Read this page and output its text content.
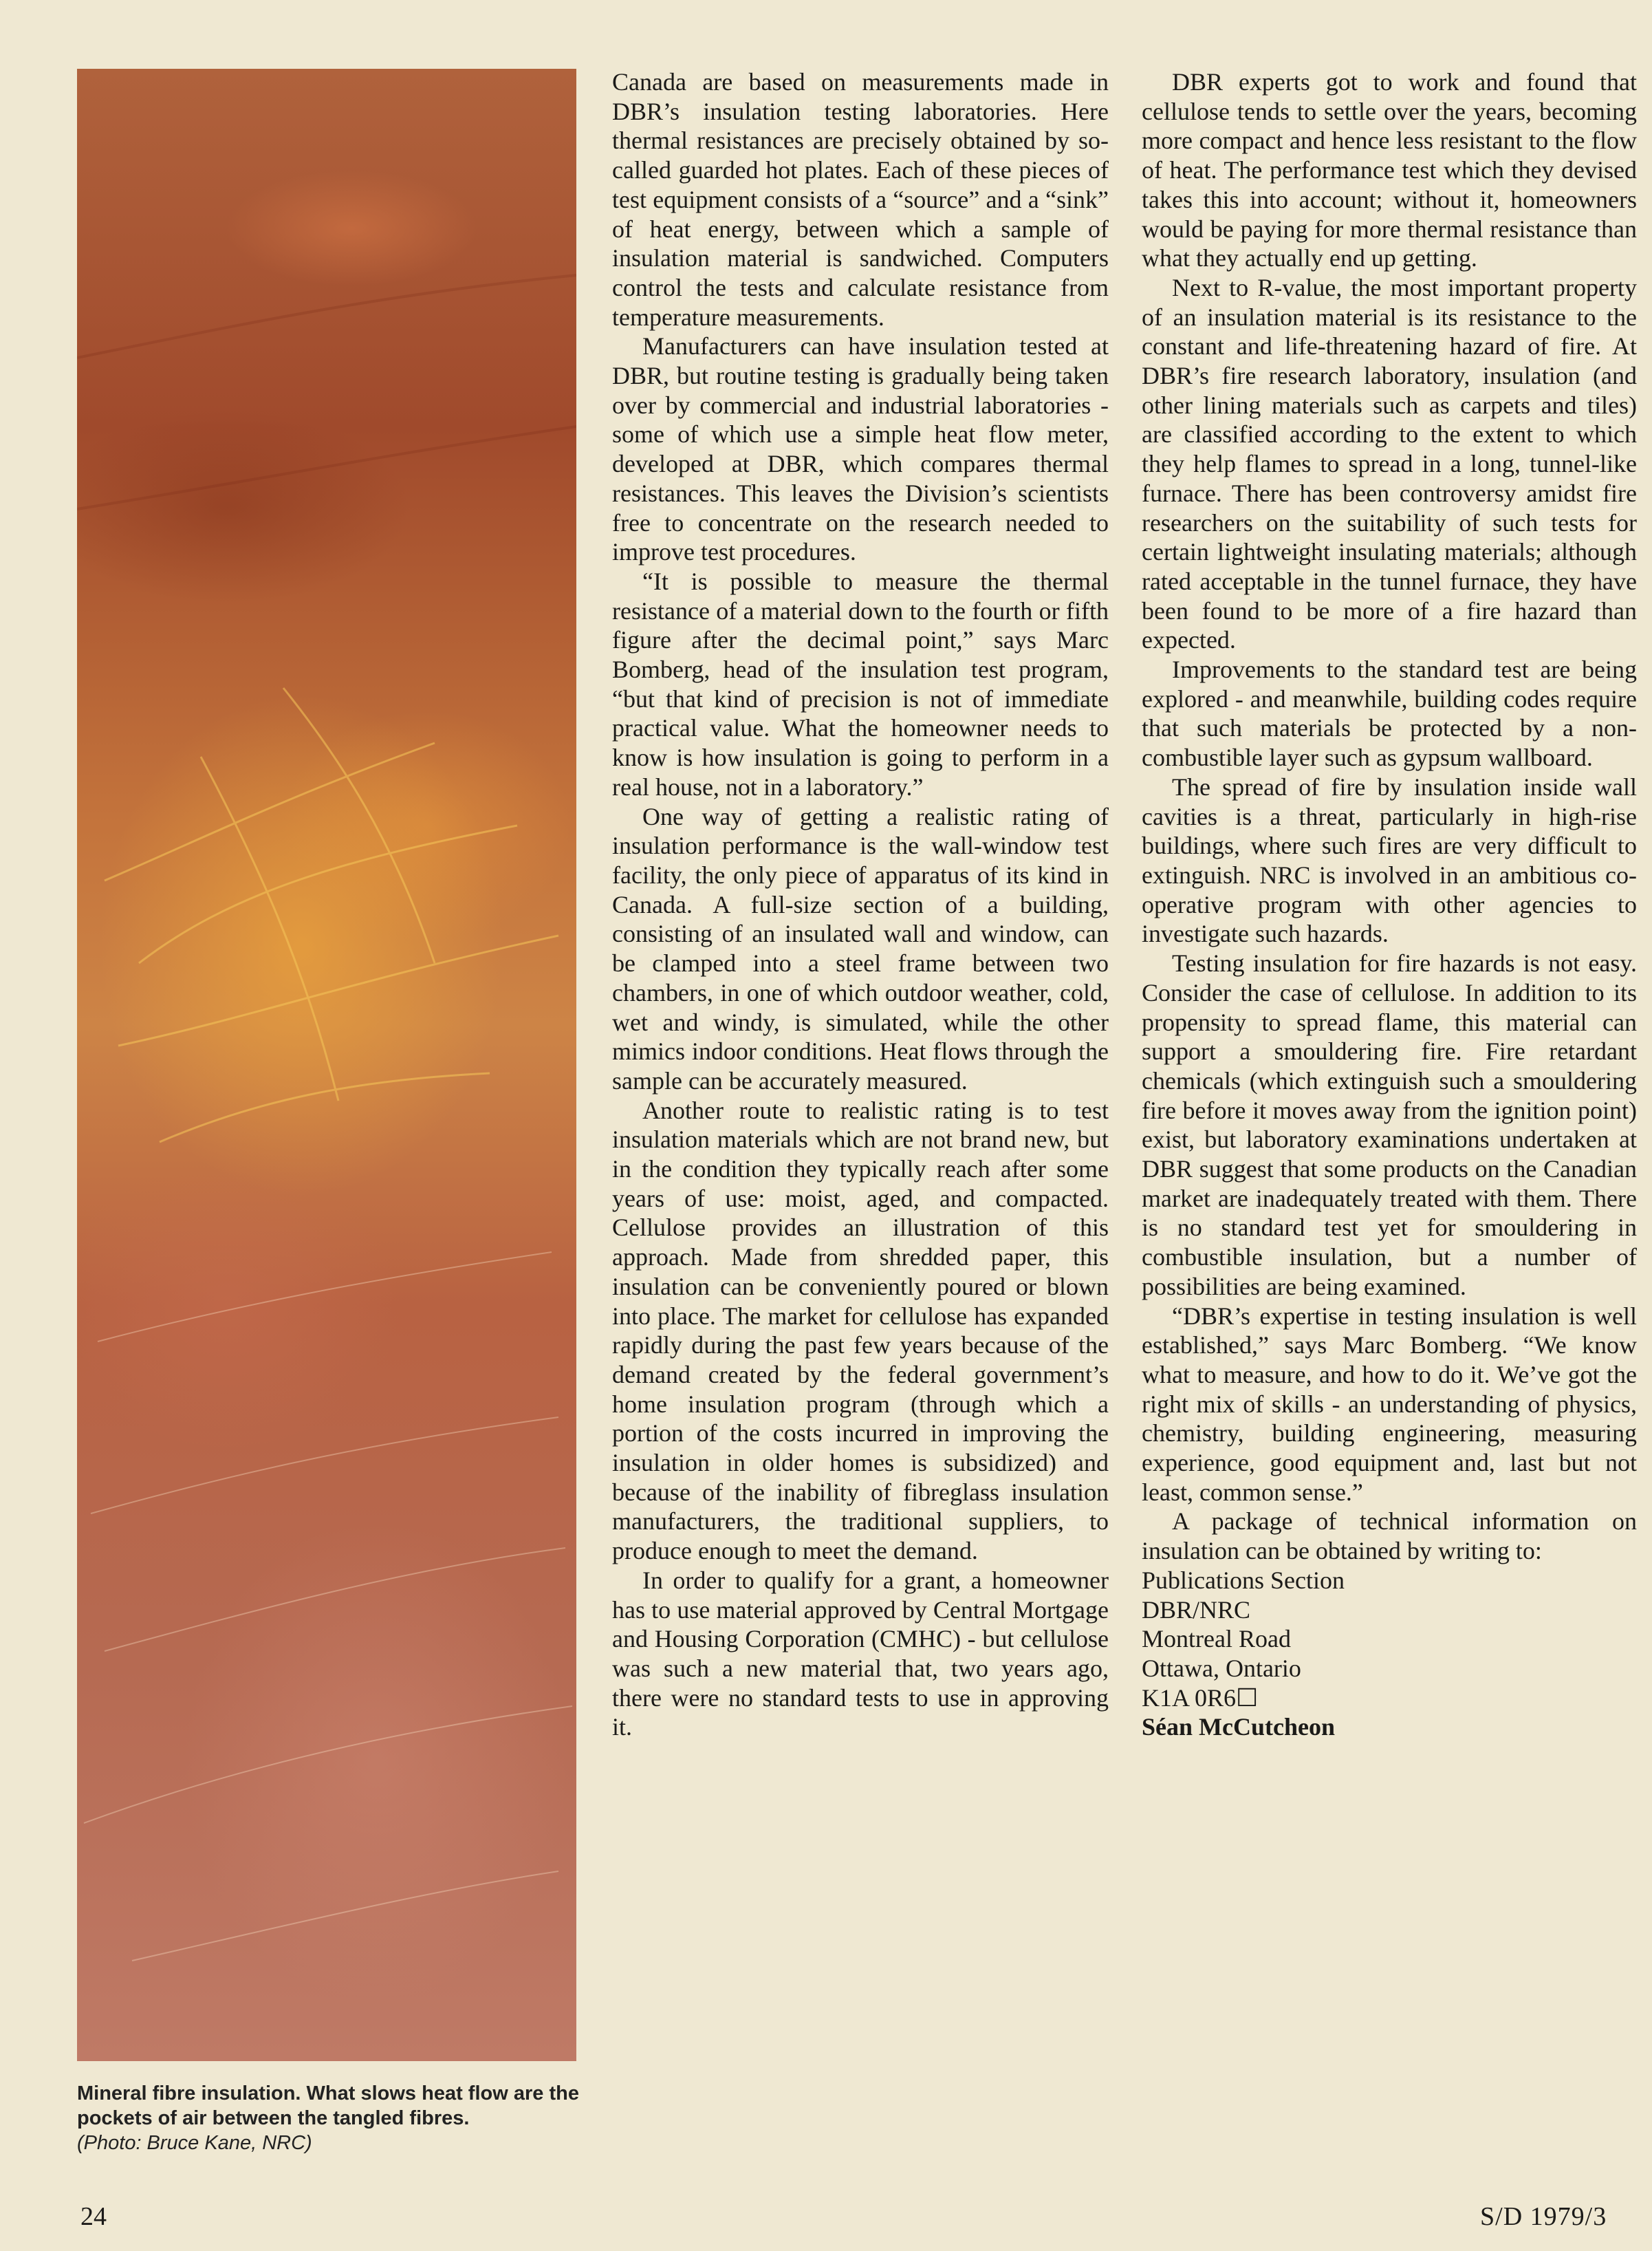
Mineral fibre insulation. What slows heat flow are the pockets of air between the tangled fibres.
(Photo: Bruce Kane, NRC)

Canada are based on measurements made in DBR’s insulation testing laboratories. Here thermal resistances are precisely obtained by so-called guarded hot plates. Each of these pieces of test equipment consists of a “source” and a “sink” of heat energy, between which a sample of insulation material is sandwiched. Computers control the tests and calculate resistance from temperature measurements.

Manufacturers can have insulation tested at DBR, but routine testing is gradually being taken over by commercial and industrial laboratories - some of which use a simple heat flow meter, developed at DBR, which compares thermal resistances. This leaves the Division’s scientists free to concentrate on the research needed to improve test procedures.

“It is possible to measure the thermal resistance of a material down to the fourth or fifth figure after the decimal point,” says Marc Bomberg, head of the insulation test program, “but that kind of precision is not of immediate practical value. What the homeowner needs to know is how insulation is going to perform in a real house, not in a laboratory.”

One way of getting a realistic rating of insulation performance is the wall-window test facility, the only piece of apparatus of its kind in Canada. A full-size section of a building, consisting of an insulated wall and window, can be clamped into a steel frame between two chambers, in one of which outdoor weather, cold, wet and windy, is simulated, while the other mimics indoor conditions. Heat flows through the sample can be accurately measured.

Another route to realistic rating is to test insulation materials which are not brand new, but in the condition they typically reach after some years of use: moist, aged, and compacted. Cellulose provides an illustration of this approach. Made from shredded paper, this insulation can be conveniently poured or blown into place. The market for cellulose has expanded rapidly during the past few years because of the demand created by the federal government’s home insulation program (through which a portion of the costs incurred in improving the insulation in older homes is subsidized) and because of the inability of fibreglass insulation manufacturers, the traditional suppliers, to produce enough to meet the demand.

In order to qualify for a grant, a homeowner has to use material approved by Central Mortgage and Housing Corporation (CMHC) - but cellulose was such a new material that, two years ago, there were no standard tests to use in approving it.

DBR experts got to work and found that cellulose tends to settle over the years, becoming more compact and hence less resistant to the flow of heat. The performance test which they devised takes this into account; without it, homeowners would be paying for more thermal resistance than what they actually end up getting.

Next to R-value, the most important property of an insulation material is its resistance to the constant and life-threatening hazard of fire. At DBR’s fire research laboratory, insulation (and other lining materials such as carpets and tiles) are classified according to the extent to which they help flames to spread in a long, tunnel-like furnace. There has been controversy amidst fire researchers on the suitability of such tests for certain lightweight insulating materials; although rated acceptable in the tunnel furnace, they have been found to be more of a fire hazard than expected.

Improvements to the standard test are being explored - and meanwhile, building codes require that such materials be protected by a non-combustible layer such as gypsum wallboard.

The spread of fire by insulation inside wall cavities is a threat, particularly in high-rise buildings, where such fires are very difficult to extinguish. NRC is involved in an ambitious co-operative program with other agencies to investigate such hazards.

Testing insulation for fire hazards is not easy. Consider the case of cellulose. In addition to its propensity to spread flame, this material can support a smouldering fire. Fire retardant chemicals (which extinguish such a smouldering fire before it moves away from the ignition point) exist, but laboratory examinations undertaken at DBR suggest that some products on the Canadian market are inadequately treated with them. There is no standard test yet for smouldering in combustible insulation, but a number of possibilities are being examined.

“DBR’s expertise in testing insulation is well established,” says Marc Bomberg. “We know what to measure, and how to do it. We’ve got the right mix of skills - an understanding of physics, chemistry, building engineering, measuring experience, good equipment and, last but not least, common sense.”

A package of technical information on insulation can be obtained by writing to:

Publications Section
DBR/NRC
Montreal Road
Ottawa, Ontario
K1A 0R6☐
Séan McCutcheon
24	S/D 1979/3
